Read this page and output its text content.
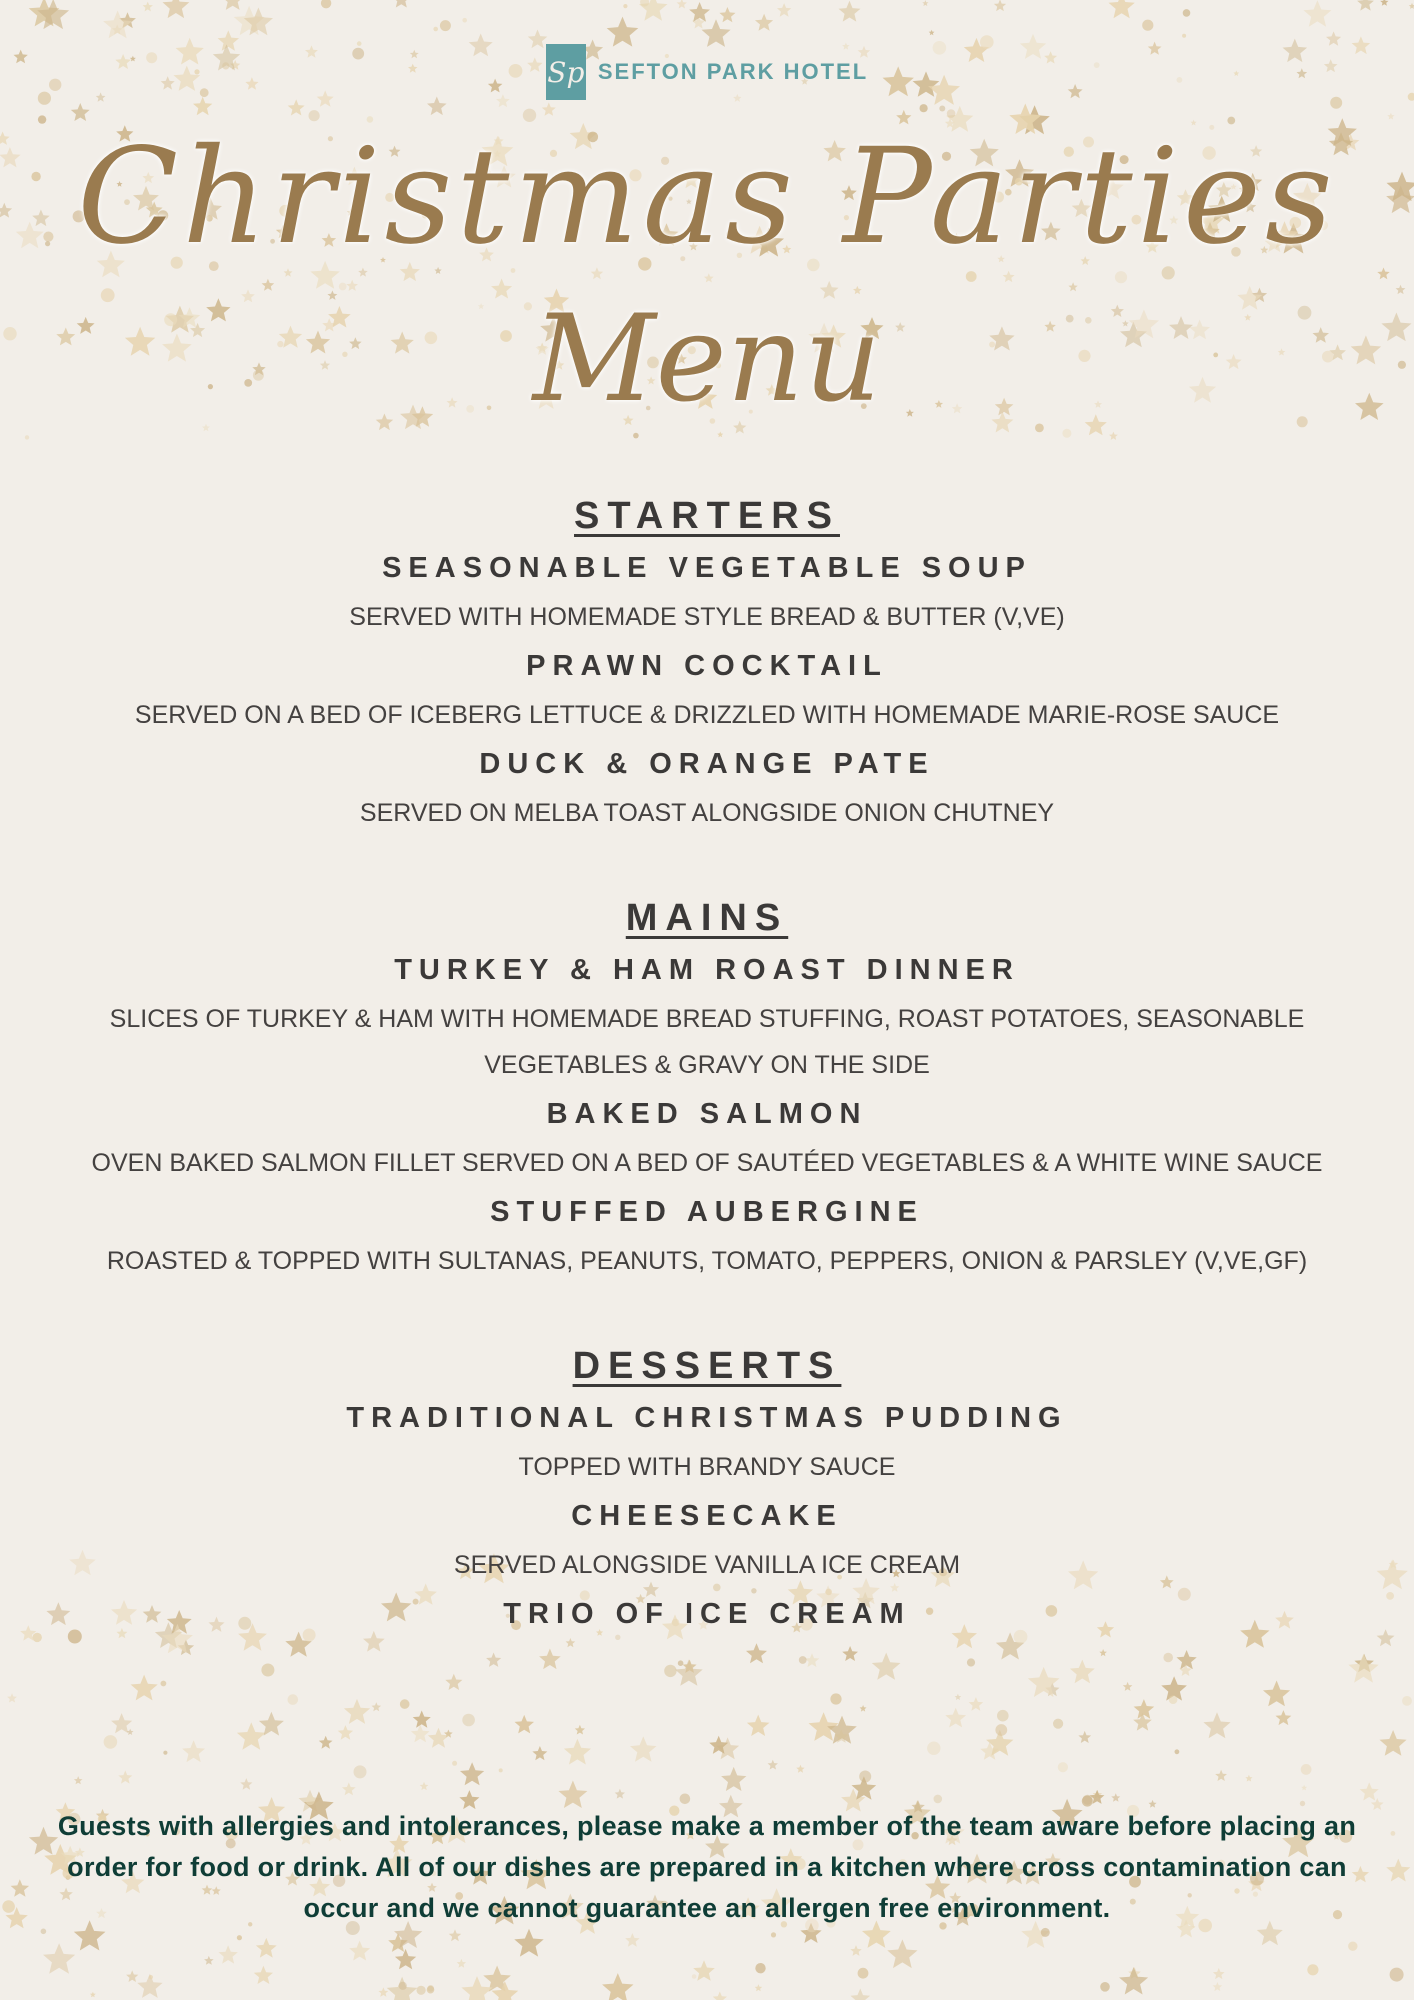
Sp SEFTON PARK HOTEL
Christmas Parties
Menu
STARTERS

SEASONABLE VEGETABLE SOUP

SERVED WITH HOMEMADE STYLE BREAD & BUTTER (V,VE)

PRAWN COCKTAIL

SERVED ON A BED OF ICEBERG LETTUCE & DRIZZLED WITH HOMEMADE MARIE-ROSE SAUCE

DUCK & ORANGE PATE

SERVED ON MELBA TOAST ALONGSIDE ONION CHUTNEY

MAINS

TURKEY & HAM ROAST DINNER

SLICES OF TURKEY & HAM WITH HOMEMADE BREAD STUFFING, ROAST POTATOES, SEASONABLE VEGETABLES & GRAVY ON THE SIDE

BAKED SALMON

OVEN BAKED SALMON FILLET SERVED ON A BED OF SAUTÉED VEGETABLES & A WHITE WINE SAUCE

STUFFED AUBERGINE

ROASTED & TOPPED WITH SULTANAS, PEANUTS, TOMATO, PEPPERS, ONION & PARSLEY (V,VE,GF)

DESSERTS

TRADITIONAL CHRISTMAS PUDDING

TOPPED WITH BRANDY SAUCE

CHEESECAKE

SERVED ALONGSIDE VANILLA ICE CREAM

TRIO OF ICE CREAM

Guests with allergies and intolerances, please make a member of the team aware before placing an order for food or drink. All of our dishes are prepared in a kitchen where cross contamination can occur and we cannot guarantee an allergen free environment.
